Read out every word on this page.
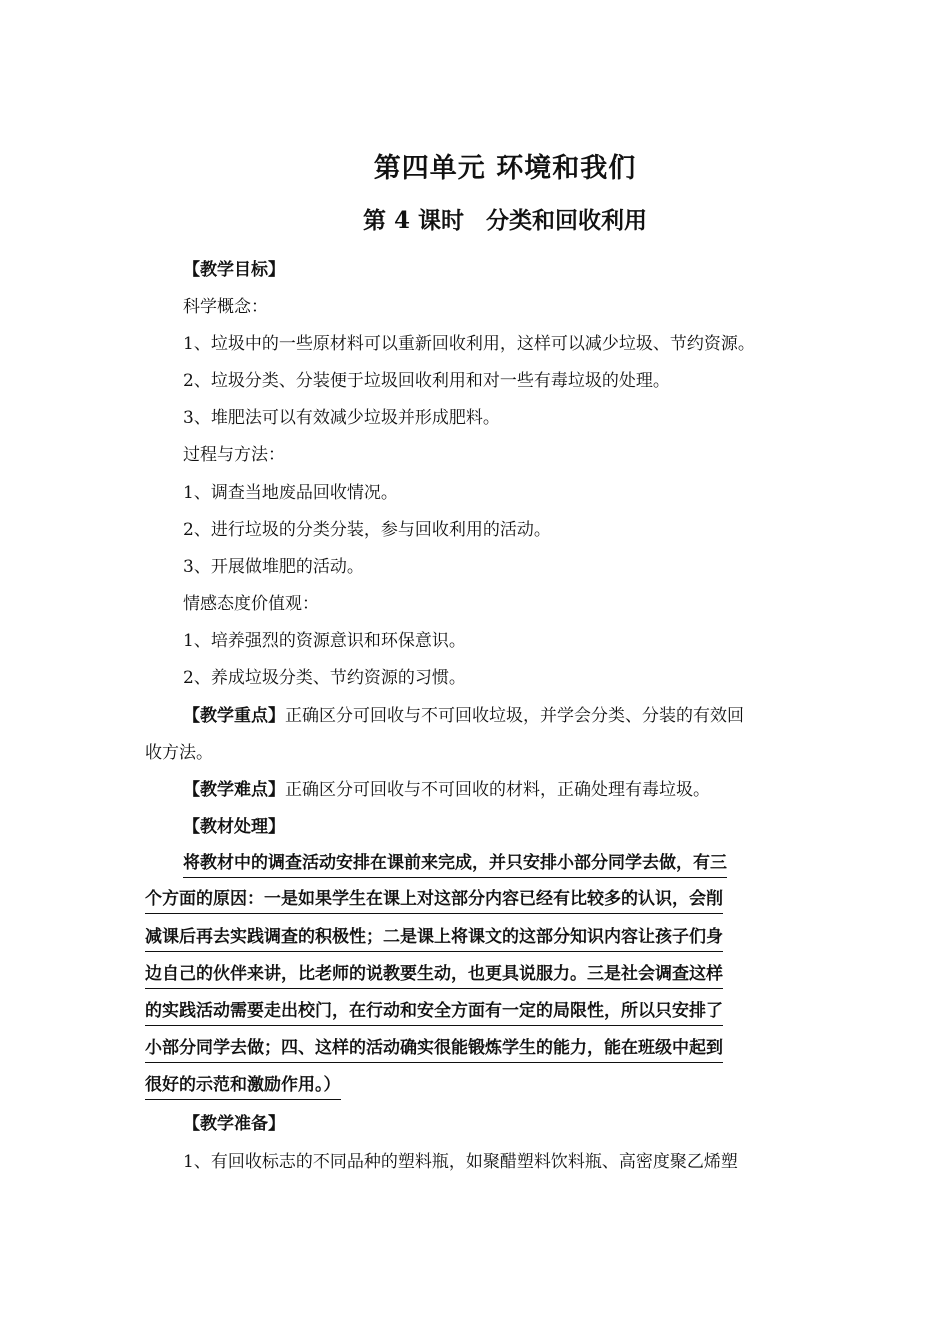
第四单元 环境和我们
第 4 课时 分类和回收利用
【教学目标】
科学概念：
1、垃圾中的一些原材料可以重新回收利用，这样可以减少垃圾、节约资源。
2、垃圾分类、分装便于垃圾回收利用和对一些有毒垃圾的处理。
3、堆肥法可以有效减少垃圾并形成肥料。
过程与方法：
1、调查当地废品回收情况。
2、进行垃圾的分类分装，参与回收利用的活动。
3、开展做堆肥的活动。
情感态度价值观：
1、培养强烈的资源意识和环保意识。
2、养成垃圾分类、节约资源的习惯。
【教学重点】正确区分可回收与不可回收垃圾，并学会分类、分装的有效回
收方法。
【教学难点】正确区分可回收与不可回收的材料，正确处理有毒垃圾。
【教材处理】
将教材中的调查活动安排在课前来完成，并只安排小部分同学去做，有三
个方面的原因：一是如果学生在课上对这部分内容已经有比较多的认识，会削
减课后再去实践调查的积极性；二是课上将课文的这部分知识内容让孩子们身
边自己的伙伴来讲，比老师的说教要生动，也更具说服力。三是社会调查这样
的实践活动需要走出校门，在行动和安全方面有一定的局限性，所以只安排了
小部分同学去做；四、这样的活动确实很能锻炼学生的能力，能在班级中起到
很好的示范和激励作用。）
【教学准备】
1、有回收标志的不同品种的塑料瓶，如聚醋塑料饮料瓶、高密度聚乙烯塑
